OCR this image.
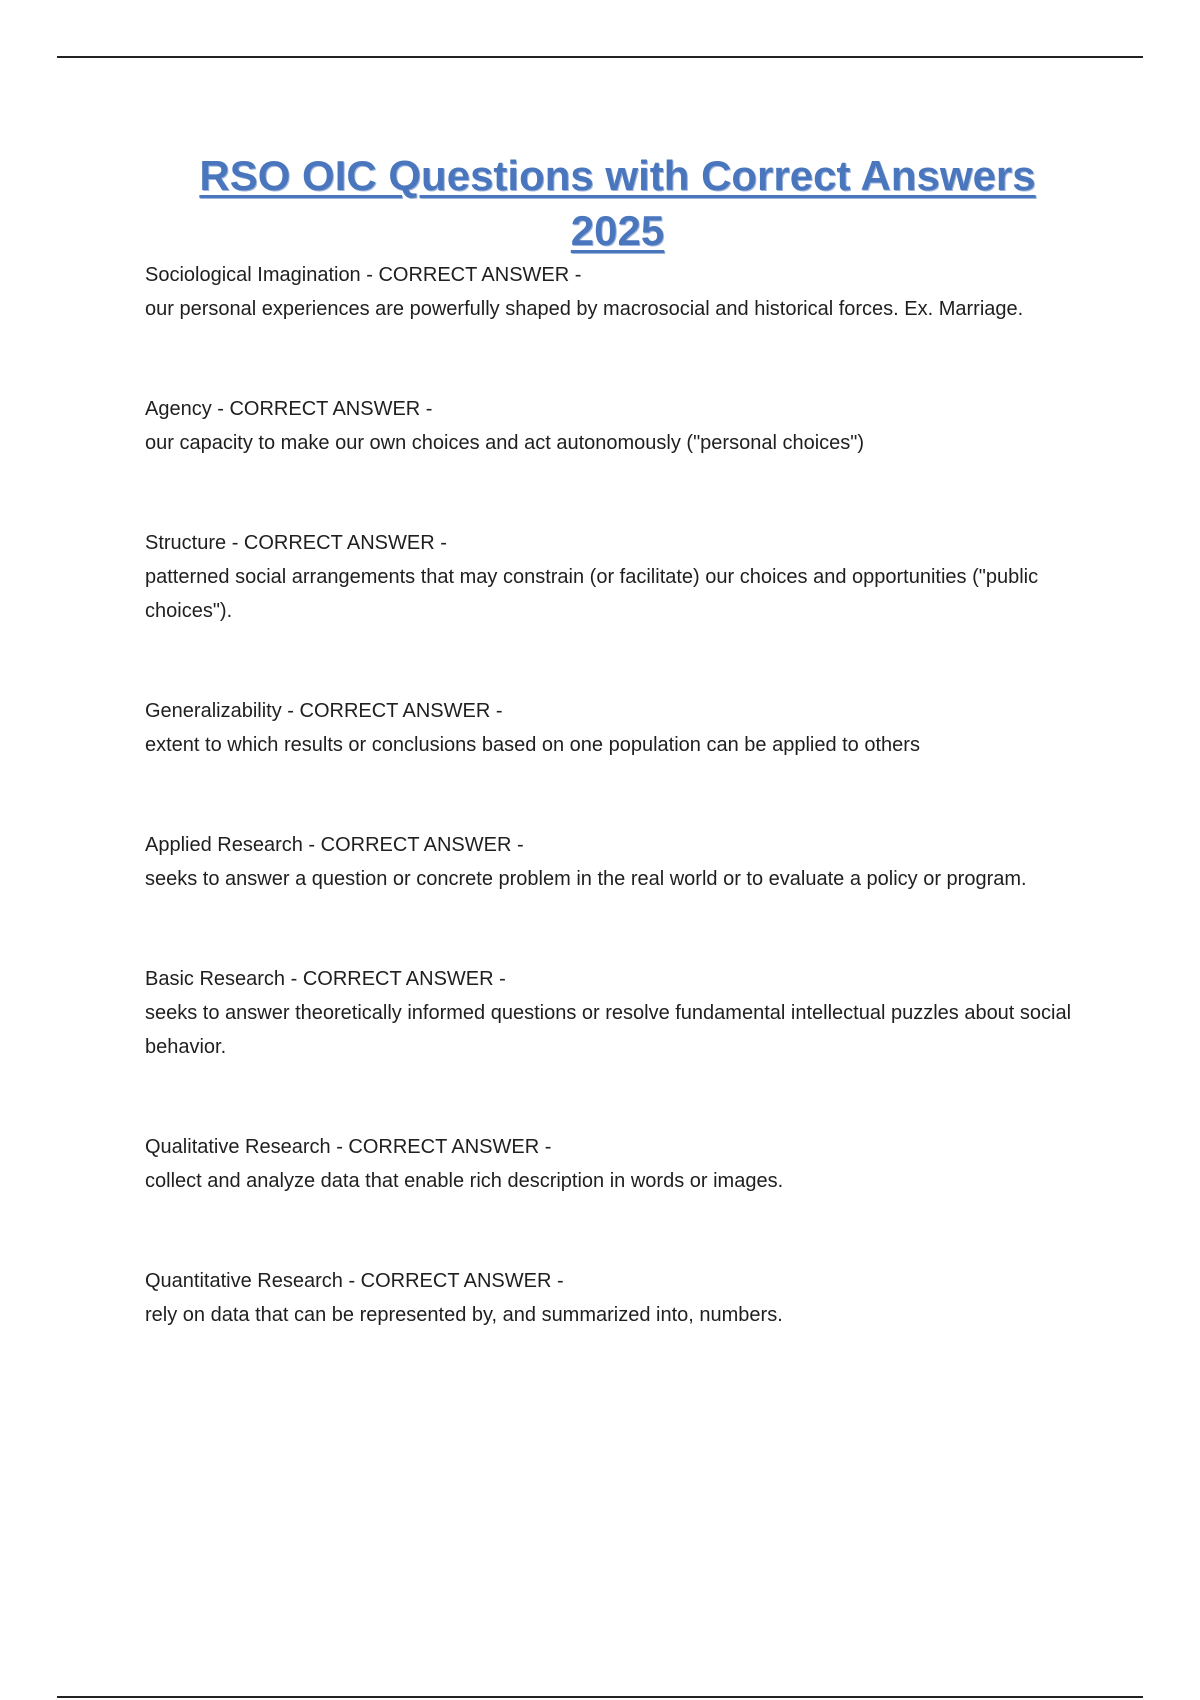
RSO OIC Questions with Correct Answers 2025
Sociological Imagination - CORRECT ANSWER -
our personal experiences are powerfully shaped by macrosocial and historical forces. Ex. Marriage.
Agency - CORRECT ANSWER -
our capacity to make our own choices and act autonomously ("personal choices")
Structure - CORRECT ANSWER -
patterned social arrangements that may constrain (or facilitate) our choices and opportunities ("public choices").
Generalizability - CORRECT ANSWER -
extent to which results or conclusions based on one population can be applied to others
Applied Research - CORRECT ANSWER -
seeks to answer a question or concrete problem in the real world or to evaluate a policy or program.
Basic Research - CORRECT ANSWER -
seeks to answer theoretically informed questions or resolve fundamental intellectual puzzles about social behavior.
Qualitative Research - CORRECT ANSWER -
collect and analyze data that enable rich description in words or images.
Quantitative Research - CORRECT ANSWER -
rely on data that can be represented by, and summarized into, numbers.
